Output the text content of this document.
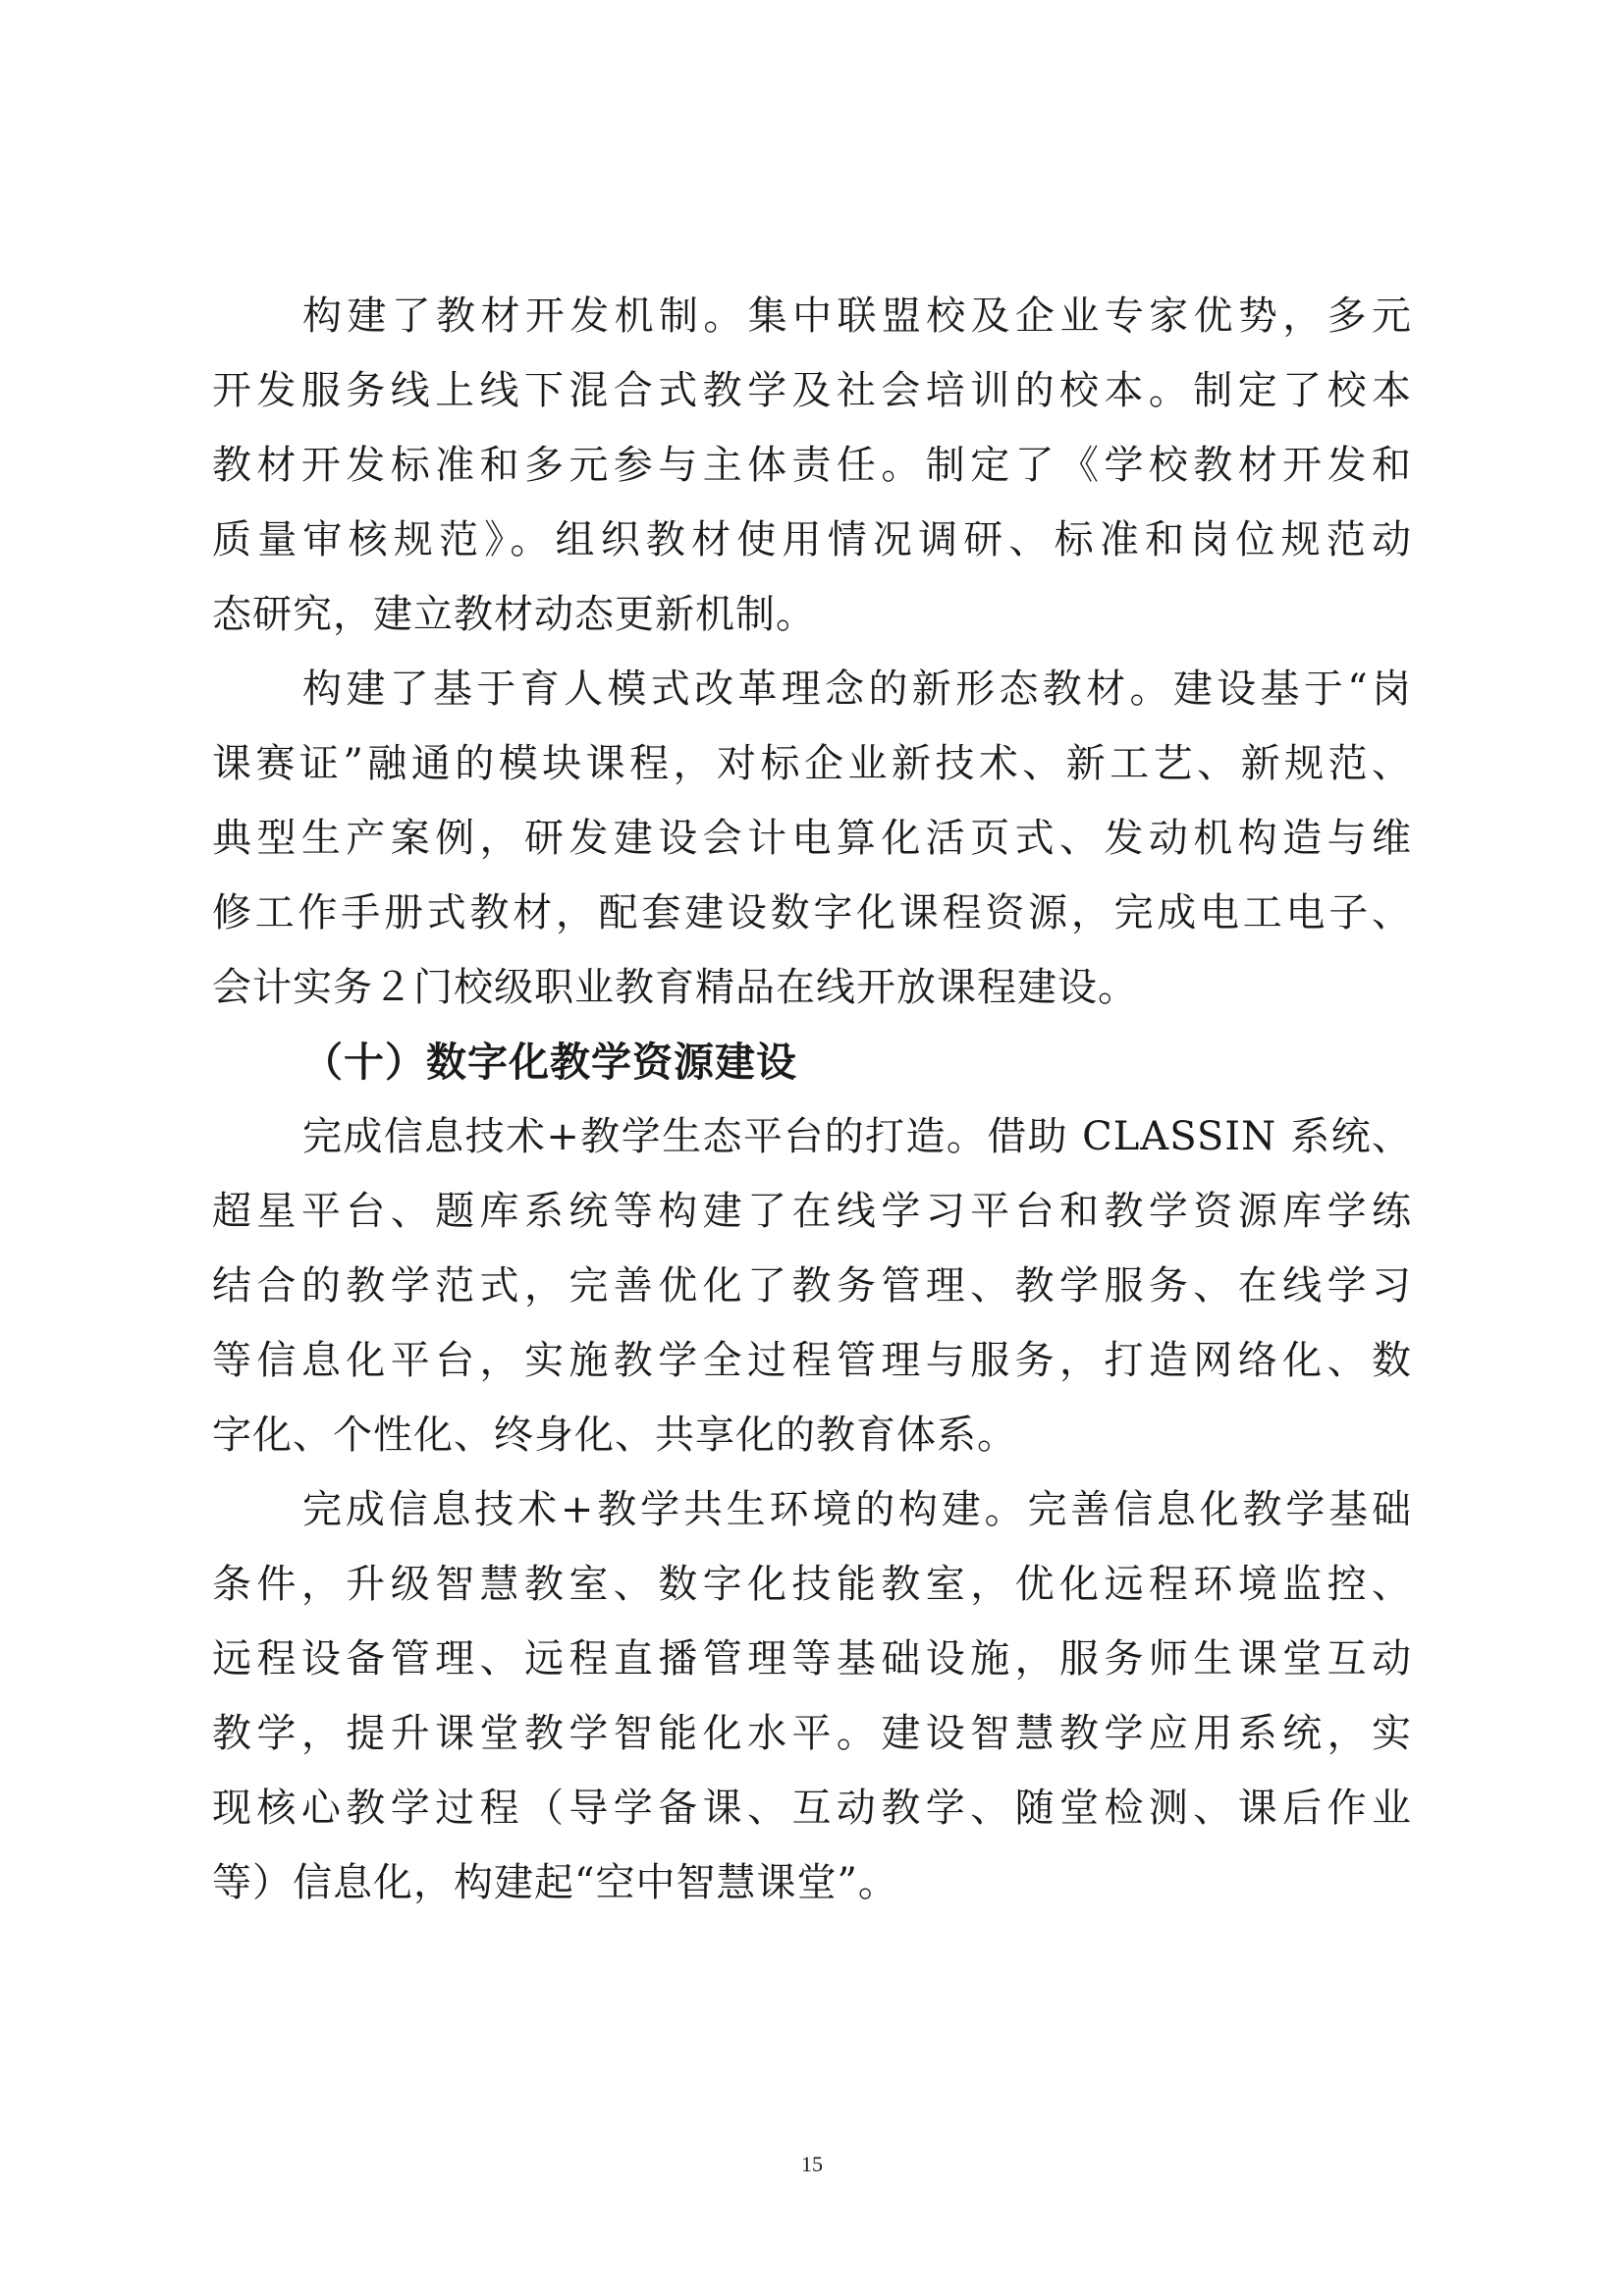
构建了教材开发机制。集中联盟校及企业专家优势，多元
开发服务线上线下混合式教学及社会培训的校本。制定了校本
教材开发标准和多元参与主体责任。制定了《学校教材开发和
质量审核规范》。组织教材使用情况调研、标准和岗位规范动
态研究，建立教材动态更新机制。
构建了基于育人模式改革理念的新形态教材。建设基于“岗
课赛证”融通的模块课程，对标企业新技术、新工艺、新规范、
典型生产案例，研发建设会计电算化活页式、发动机构造与维
修工作手册式教材，配套建设数字化课程资源，完成电工电子、
会计实务２门校级职业教育精品在线开放课程建设。
（十）数字化教学资源建设
完成信息技术+教学生态平台的打造。借助 CLASSIN 系统、
超星平台、题库系统等构建了在线学习平台和教学资源库学练
结合的教学范式，完善优化了教务管理、教学服务、在线学习
等信息化平台，实施教学全过程管理与服务，打造网络化、数
字化、个性化、终身化、共享化的教育体系。
完成信息技术+教学共生环境的构建。完善信息化教学基础
条件，升级智慧教室、数字化技能教室，优化远程环境监控、
远程设备管理、远程直播管理等基础设施，服务师生课堂互动
教学，提升课堂教学智能化水平。建设智慧教学应用系统，实
现核心教学过程（导学备课、互动教学、随堂检测、课后作业
等）信息化，构建起“空中智慧课堂”。
15
